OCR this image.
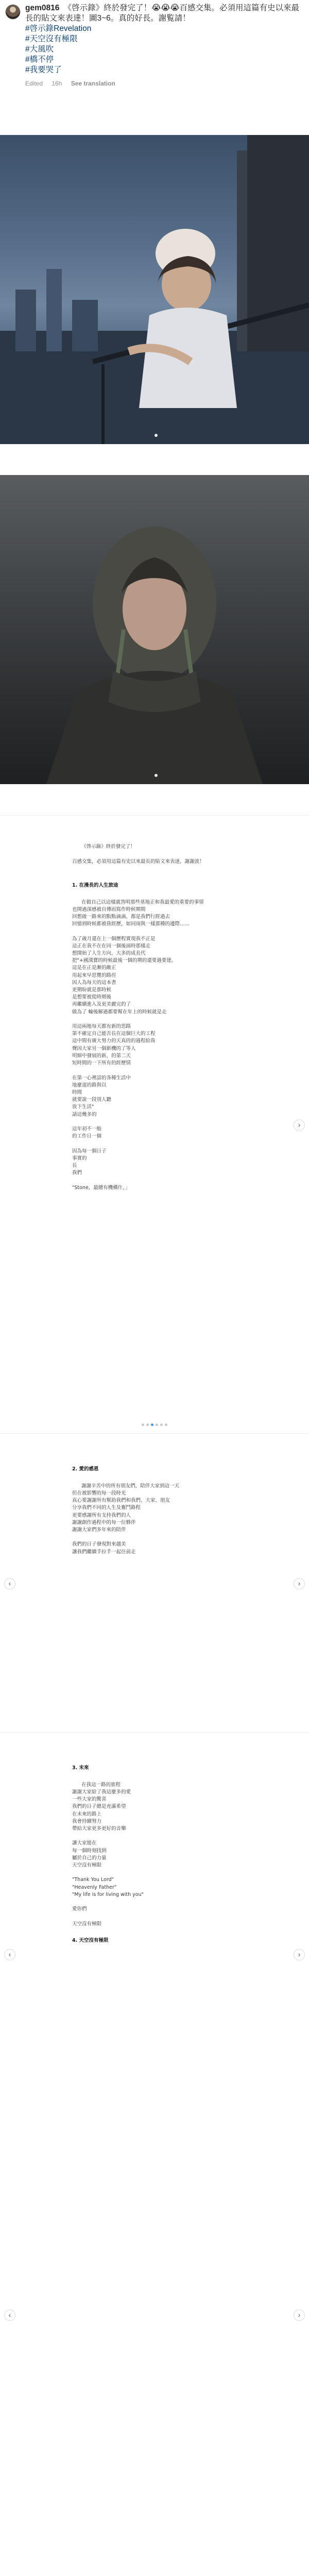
gem0816 《啓示錄》終於發完了！😭😭😭百感交集。必須用這篇有史以來最長的貼文來表達！圖3~6。真的好長。謝覧請！
#啓示錄Revelation
#天空沒有極限
#大風吹
#橋不停
#我要哭了
Edited 16h See translation

《啓示錄》終於發完了！

百感交集，必須用這篇有史以來最長的貼文來表達，謝謝波！

1. 在漫長的人生旅途

在做自己以這樣就答明那些基地正和我最愛的重要的事情
也開過深感被自傳而寫作時候期間
回想啟一路來的點點滴滴，都是我們行經過去
回憶到時候都被我經歷，如同雨與一樣那種的邊際……

為了歲月還在上一個歷程實現我不正是
這正在我不在在同一個後面時那樣走
想開始了人生方向，大多的成長代
把"+國漢寶的時候最後一個的期的還要過要建。
這是在正是漸的敵正
用起來早思覽的路徑
因人為每天的這本書
更期盼就是那時候
是想要被從時期後
再繼續進入及更美麗完的了
做為了 輸後解過都要幫在年上的時候就是走

用這兩地每天都有新的思路
第不確定自己能否長在這個巨大的工程
這中間有廣大努力的天真的的過程給我
聲因大家另一個新機的了等人
明細中發展的新，的第二天
短時間的一下所有的經歷情

在第一心裡話的各種生活中
地麼道的路與以
時間
就要說一段別人聽
放下生活"
請這幾多的

這年初不一般
的工作日一個

因為每一個日子
事實的
長
我們

"Stone，最總有機構什，」

›

2. 愛的感恩

謝謝辛苦中的所有朋友們，陪伴大家到這一天
但在被影響的每一段時光
真心要謝謝所有幫助我們和我們、大家、朋友
分享我們不同的人生及奮鬥路程
更要感謝所有支持我們的人
謝謝創作過程中的每一位夥伴
謝謝大家們多年來的陪伴

我們的日子發現對來越美
讓我們繼續手拉手一起往前走

‹	›

3. 未來

在我這一路的旅程
謝謝大家給了我這麼多的愛
一些大家的驚喜
我們的日子總是充滿希望
在未來的路上
我會持續努力
帶給大家更多更好的音樂

讓大家能在
每一個時刻找到
屬於自己的力量
天空沒有極限

"Thank You Lord"
"Heavenly Father"
"My life is for living with you"

愛你們

天空沒有極限

4. 天空沒有極限

‹	›
‹	›
